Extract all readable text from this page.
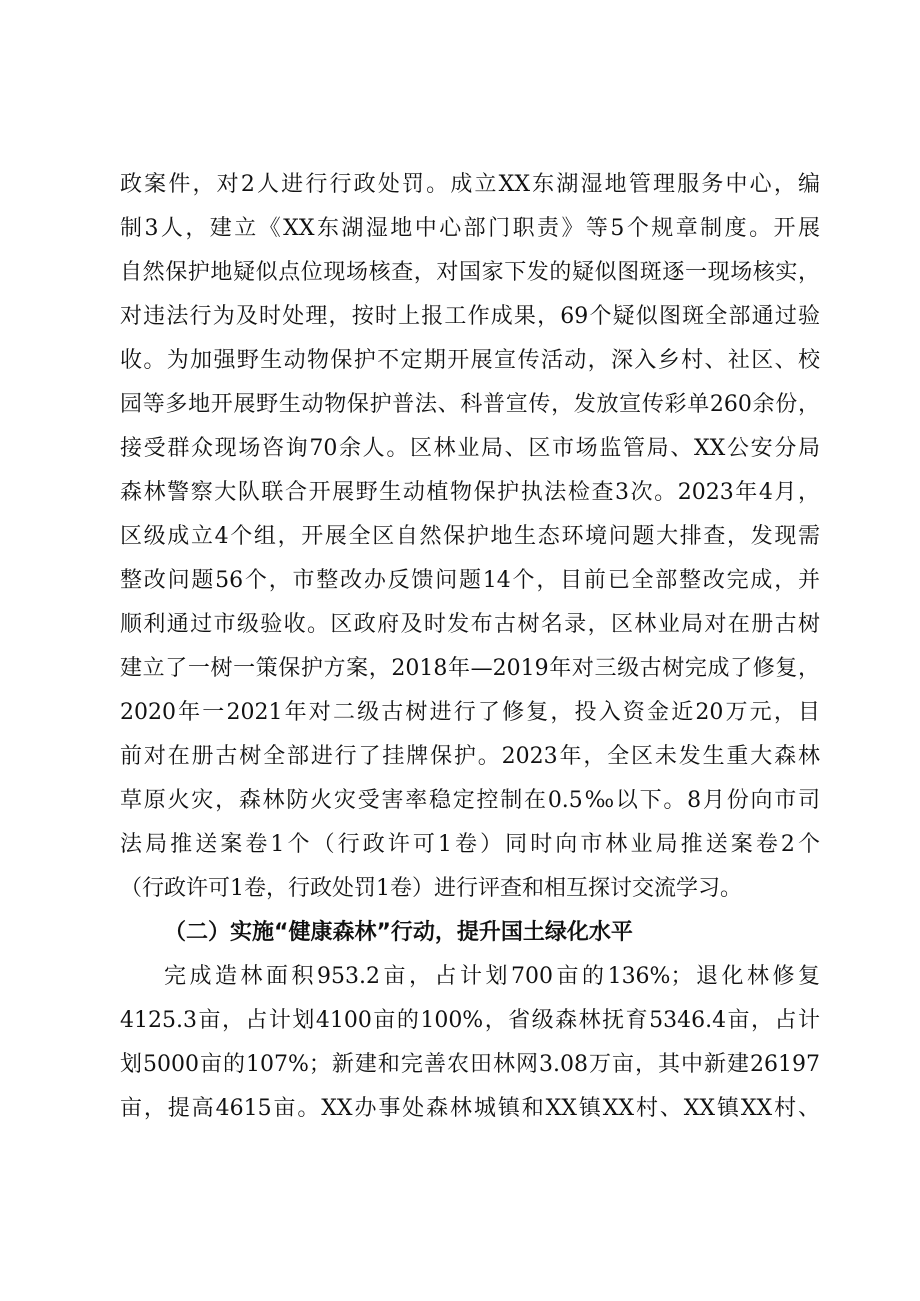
政案件，对2人进行行政处罚。成立XX东湖湿地管理服务中心，编
制3人，建立《XX东湖湿地中心部门职责》等5个规章制度。开展
自然保护地疑似点位现场核查，对国家下发的疑似图斑逐一现场核实，
对违法行为及时处理，按时上报工作成果，69个疑似图斑全部通过验
收。为加强野生动物保护不定期开展宣传活动，深入乡村、社区、校
园等多地开展野生动物保护普法、科普宣传，发放宣传彩单260余份，
接受群众现场咨询70余人。区林业局、区市场监管局、XX公安分局
森林警察大队联合开展野生动植物保护执法检查3次。2023年4月，
区级成立4个组，开展全区自然保护地生态环境问题大排查，发现需
整改问题56个，市整改办反馈问题14个，目前已全部整改完成，并
顺利通过市级验收。区政府及时发布古树名录，区林业局对在册古树
建立了一树一策保护方案，2018年—2019年对三级古树完成了修复，
2020年一2021年对二级古树进行了修复，投入资金近20万元，目
前对在册古树全部进行了挂牌保护。2023年，全区未发生重大森林
草原火灾，森林防火灾受害率稳定控制在0.5‰以下。8月份向市司
法局推送案卷1个（行政许可1卷）同时向市林业局推送案卷2个
（行政许可1卷，行政处罚1卷）进行评查和相互探讨交流学习。
（二）实施“健康森林”行动，提升国土绿化水平
完成造林面积953.2亩，占计划700亩的136%；退化林修复
4125.3亩，占计划4100亩的100%，省级森林抚育5346.4亩，占计
划5000亩的107%；新建和完善农田林网3.08万亩，其中新建26197
亩，提高4615亩。XX办事处森林城镇和XX镇XX村、XX镇XX村、
